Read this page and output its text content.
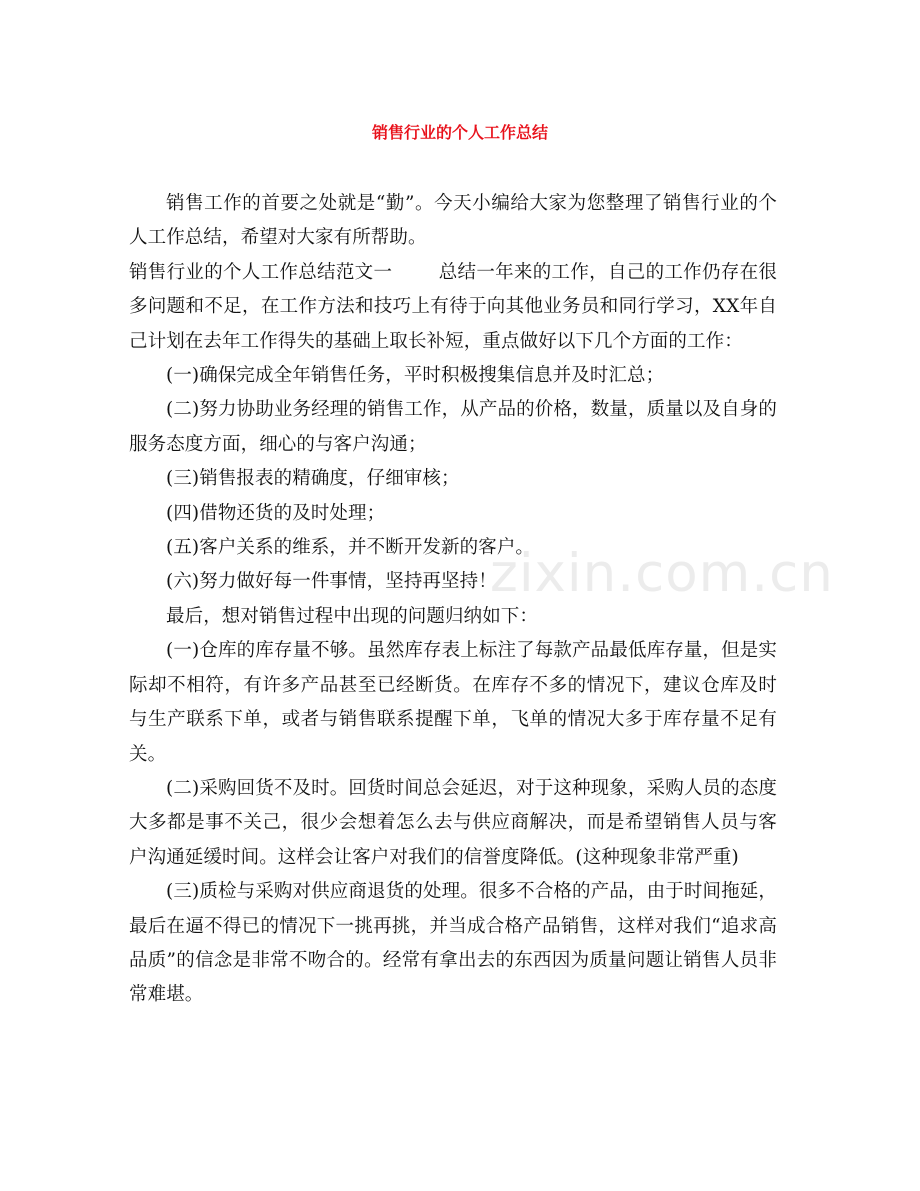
zixin.com.cn
销售行业的个人工作总结

销售工作的首要之处就是“勤”。今天小编给大家为您整理了销售行业的个人工作总结，希望对大家有所帮助。

销售行业的个人工作总结范文一	总结一年来的工作，自己的工作仍存在很多问题和不足，在工作方法和技巧上有待于向其他业务员和同行学习，XX年自己计划在去年工作得失的基础上取长补短，重点做好以下几个方面的工作：

(一)确保完成全年销售任务，平时积极搜集信息并及时汇总；

(二)努力协助业务经理的销售工作，从产品的价格，数量，质量以及自身的服务态度方面，细心的与客户沟通；

(三)销售报表的精确度，仔细审核；

(四)借物还货的及时处理；

(五)客户关系的维系，并不断开发新的客户。

(六)努力做好每一件事情，坚持再坚持！

最后，想对销售过程中出现的问题归纳如下：

(一)仓库的库存量不够。虽然库存表上标注了每款产品最低库存量，但是实际却不相符，有许多产品甚至已经断货。在库存不多的情况下，建议仓库及时与生产联系下单，或者与销售联系提醒下单，飞单的情况大多于库存量不足有关。

(二)采购回货不及时。回货时间总会延迟，对于这种现象，采购人员的态度大多都是事不关己，很少会想着怎么去与供应商解决，而是希望销售人员与客户沟通延缓时间。这样会让客户对我们的信誉度降低。(这种现象非常严重)

(三)质检与采购对供应商退货的处理。很多不合格的产品，由于时间拖延，最后在逼不得已的情况下一挑再挑，并当成合格产品销售，这样对我们“追求高品质”的信念是非常不吻合的。经常有拿出去的东西因为质量问题让销售人员非常难堪。
